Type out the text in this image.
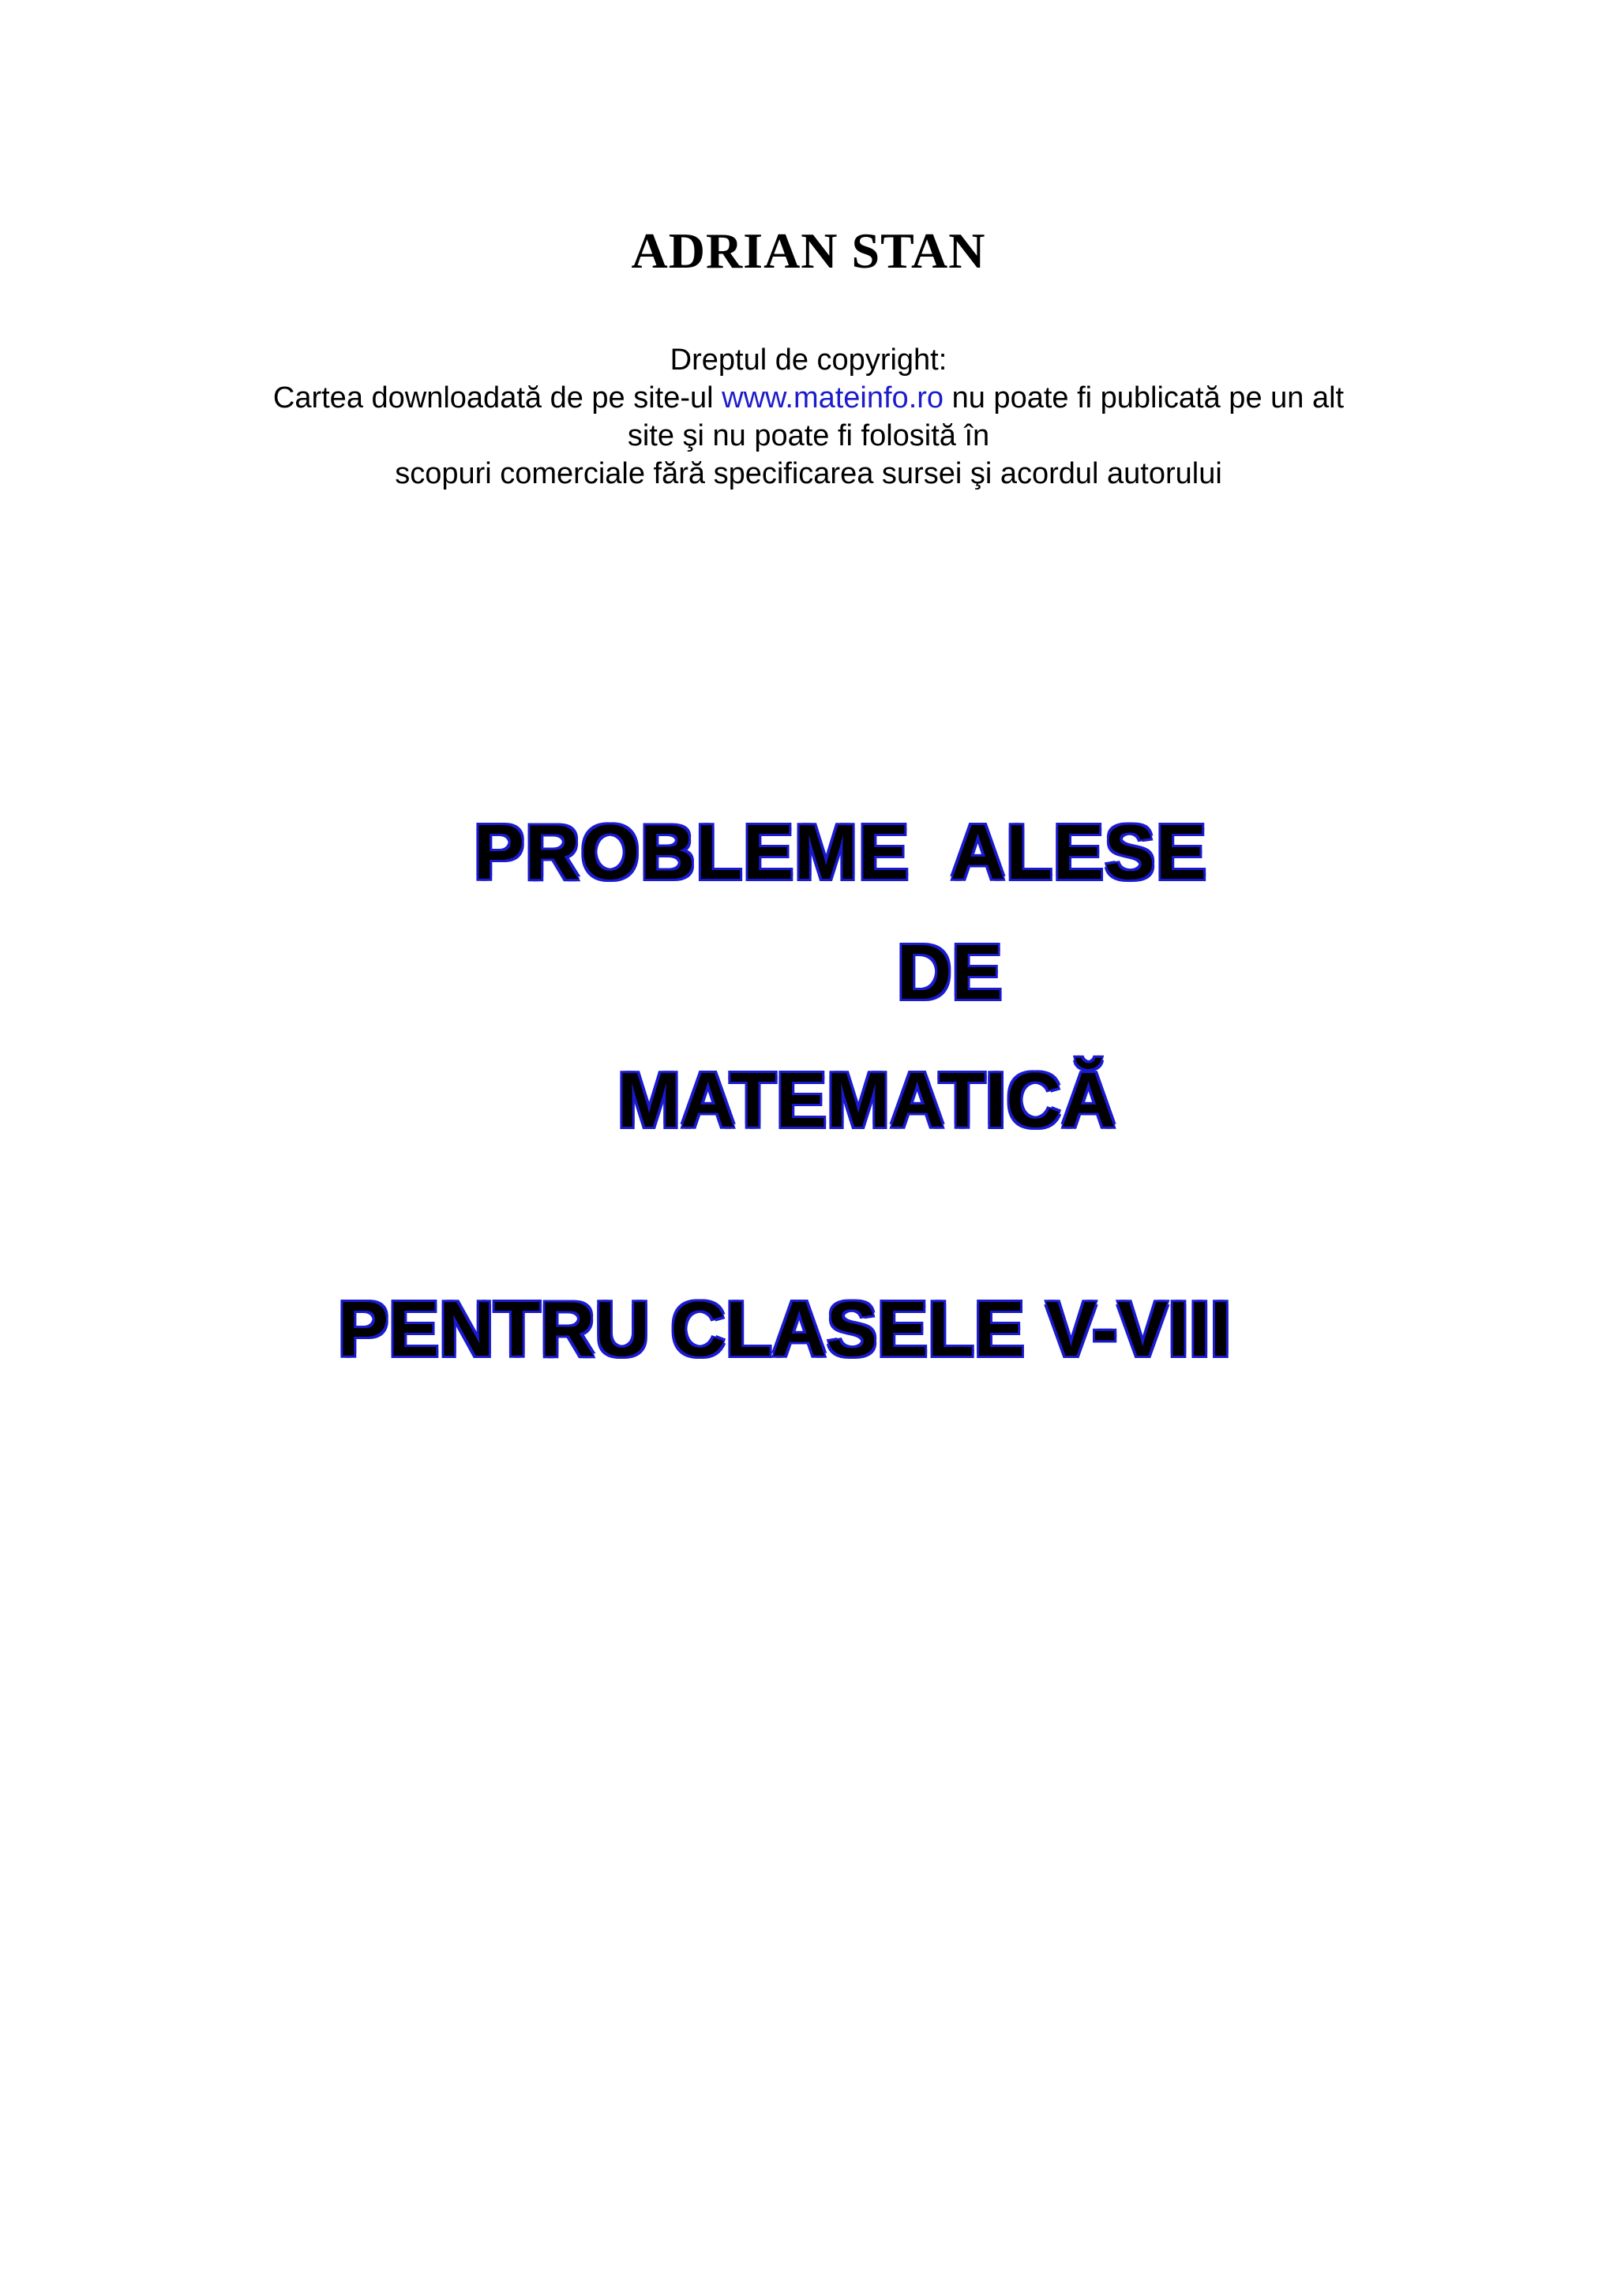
ADRIAN STAN
Dreptul de copyright:
Cartea downloadată de pe site-ul www.mateinfo.ro nu poate fi publicată pe un alt
site şi nu poate fi folosită în
scopuri comerciale fără specificarea sursei şi acordul autorului
PROBLEME  ALESE
DE
MATEMATICĂ
PENTRU CLASELE V-VIII
